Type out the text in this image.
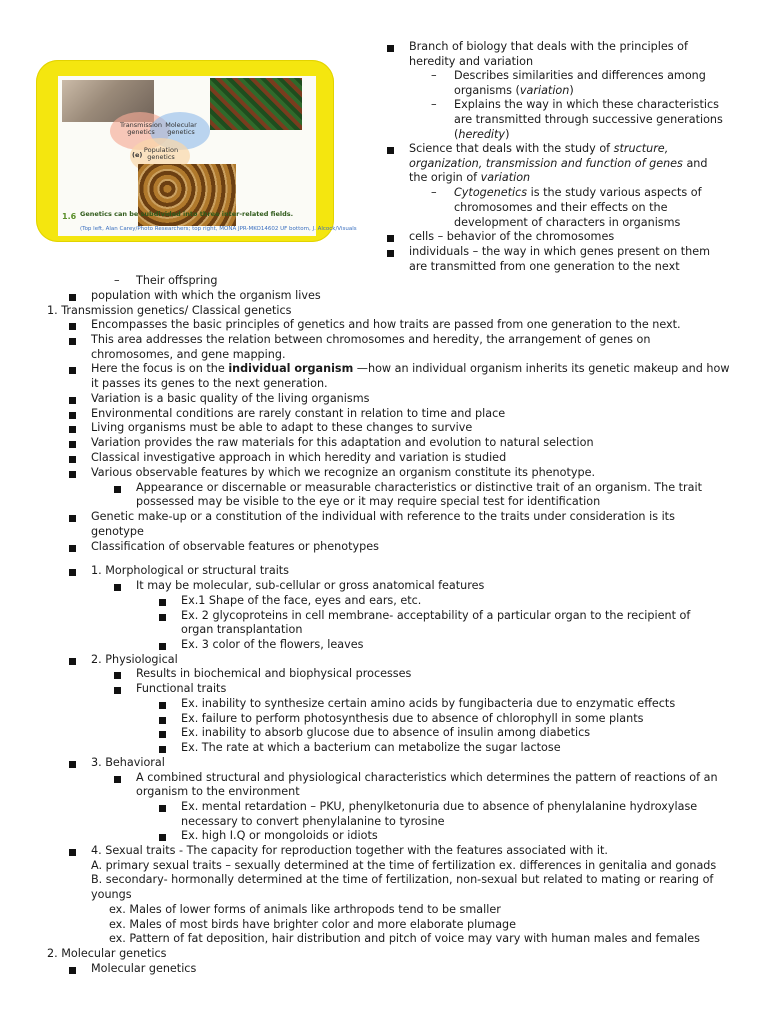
Transmission genetics
Molecular genetics
Population genetics
(e)
1.6 Genetics can be subdivided into three inter-related fields.
(Top left, Alan Carey/Photo Researchers; top right, MONA JPR-MKO14602 UF bottom, J. Alcock/Visuals
Branch of biology that deals with the principles of
heredity and variation
– Describes similarities and differences among
organisms (variation)
– Explains the way in which these characteristics
are transmitted through successive generations
(heredity)
Science that deals with the study of structure,
organization, transmission and function of genes and
the origin of variation
– Cytogenetics is the study various aspects of
chromosomes and their effects on the
development of characters in organisms
cells – behavior of the chromosomes
individuals – the way in which genes present on them
are transmitted from one generation to the next
– Their offspring
population with which the organism lives
1. Transmission genetics/ Classical genetics
Encompasses the basic principles of genetics and how traits are passed from one generation to the next.
This area addresses the relation between chromosomes and heredity, the arrangement of genes on
chromosomes, and gene mapping.
Here the focus is on the individual organism —how an individual organism inherits its genetic makeup and how
it passes its genes to the next generation.
Variation is a basic quality of the living organisms
Environmental conditions are rarely constant in relation to time and place
Living organisms must be able to adapt to these changes to survive
Variation provides the raw materials for this adaptation and evolution to natural selection
Classical investigative approach in which heredity and variation is studied
Various observable features by which we recognize an organism constitute its phenotype.
Appearance or discernable or measurable characteristics or distinctive trait of an organism. The trait
possessed may be visible to the eye or it may require special test for identification
Genetic make-up or a constitution of the individual with reference to the traits under consideration is its
genotype
Classification of observable features or phenotypes
1. Morphological or structural traits
It may be molecular, sub-cellular or gross anatomical features
Ex.1 Shape of the face, eyes and ears, etc.
Ex. 2 glycoproteins in cell membrane- acceptability of a particular organ to the recipient of
organ transplantation
Ex. 3 color of the flowers, leaves
2. Physiological
Results in biochemical and biophysical processes
Functional traits
Ex. inability to synthesize certain amino acids by fungibacteria due to enzymatic effects
Ex. failure to perform photosynthesis due to absence of chlorophyll in some plants
Ex. inability to absorb glucose due to absence of insulin among diabetics
Ex. The rate at which a bacterium can metabolize the sugar lactose
3. Behavioral
A combined structural and physiological characteristics which determines the pattern of reactions of an
organism to the environment
Ex. mental retardation – PKU, phenylketonuria due to absence of phenylalanine hydroxylase
necessary to convert phenylalanine to tyrosine
Ex. high I.Q or mongoloids or idiots
4. Sexual traits - The capacity for reproduction together with the features associated with it.
A. primary sexual traits – sexually determined at the time of fertilization ex. differences in genitalia and gonads
B. secondary- hormonally determined at the time of fertilization, non-sexual but related to mating or rearing of
youngs
ex. Males of lower forms of animals like arthropods tend to be smaller
ex. Males of most birds have brighter color and more elaborate plumage
ex. Pattern of fat deposition, hair distribution and pitch of voice may vary with human males and females
2. Molecular genetics
Molecular genetics
